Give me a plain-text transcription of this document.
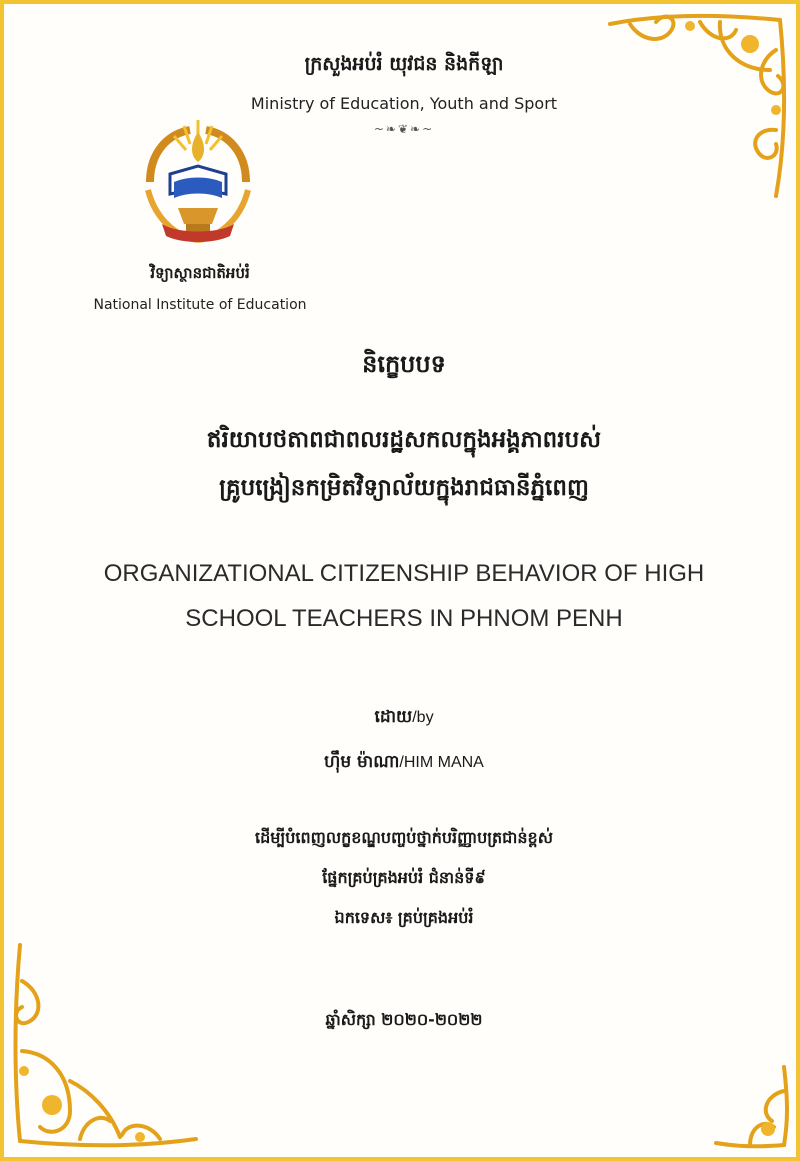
ក្រសួងអប់រំ យុវជន និងកីឡា
Ministry of Education, Youth and Sport
~❧❦❧~
វិទ្យាស្ថានជាតិអប់រំ
National Institute of Education
និក្ខេបបទ
ឥរិយាបថតាពជាពលរដ្ឋសកលក្នុងអង្គភាពរបស់
គ្រូបង្រៀនកម្រិតវិទ្យាល័យក្នុងរាជធានីភ្នំពេញ
ORGANIZATIONAL CITIZENSHIP BEHAVIOR OF HIGH
SCHOOL TEACHERS IN PHNOM PENH
ដោយ/by
ហ៊ឹម ម៉ាណា/HIM MANA
ដើម្បីបំពេញលក្ខខណ្ឌបញ្ចប់ថ្នាក់បរិញ្ញាបត្រជាន់ខ្ពស់
ផ្នែកគ្រប់គ្រងអប់រំ ជំនាន់ទី៩
ឯកទេស៖ គ្រប់គ្រងអប់រំ
ឆ្នាំសិក្សា ២០២០-២០២២
